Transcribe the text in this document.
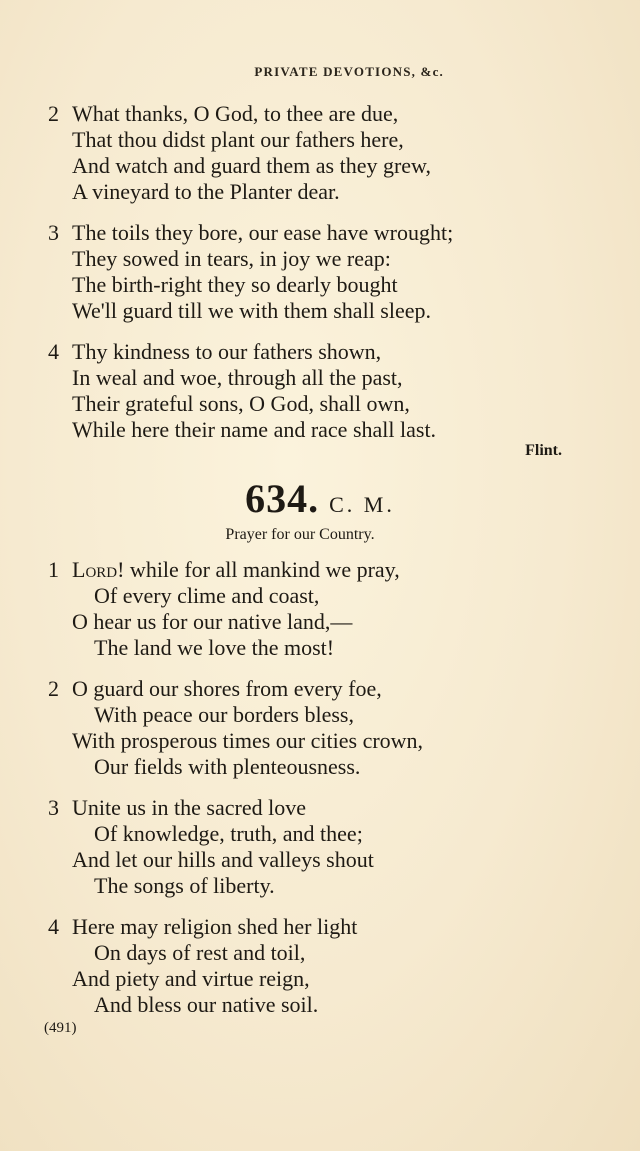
PRIVATE DEVOTIONS, &c.
2 What thanks, O God, to thee are due,
That thou didst plant our fathers here,
And watch and guard them as they grew,
A vineyard to the Planter dear.
3 The toils they bore, our ease have wrought;
They sowed in tears, in joy we reap:
The birth-right they so dearly bought
We'll guard till we with them shall sleep.
4 Thy kindness to our fathers shown,
In weal and woe, through all the past,
Their grateful sons, O God, shall own,
While here their name and race shall last.
Flint.
634. C. M.
Prayer for our Country.
1 Lord! while for all mankind we pray,
Of every clime and coast,
O hear us for our native land,—
The land we love the most!
2 O guard our shores from every foe,
With peace our borders bless,
With prosperous times our cities crown,
Our fields with plenteousness.
3 Unite us in the sacred love
Of knowledge, truth, and thee;
And let our hills and valleys shout
The songs of liberty.
4 Here may religion shed her light
On days of rest and toil,
And piety and virtue reign,
And bless our native soil.
(491)
